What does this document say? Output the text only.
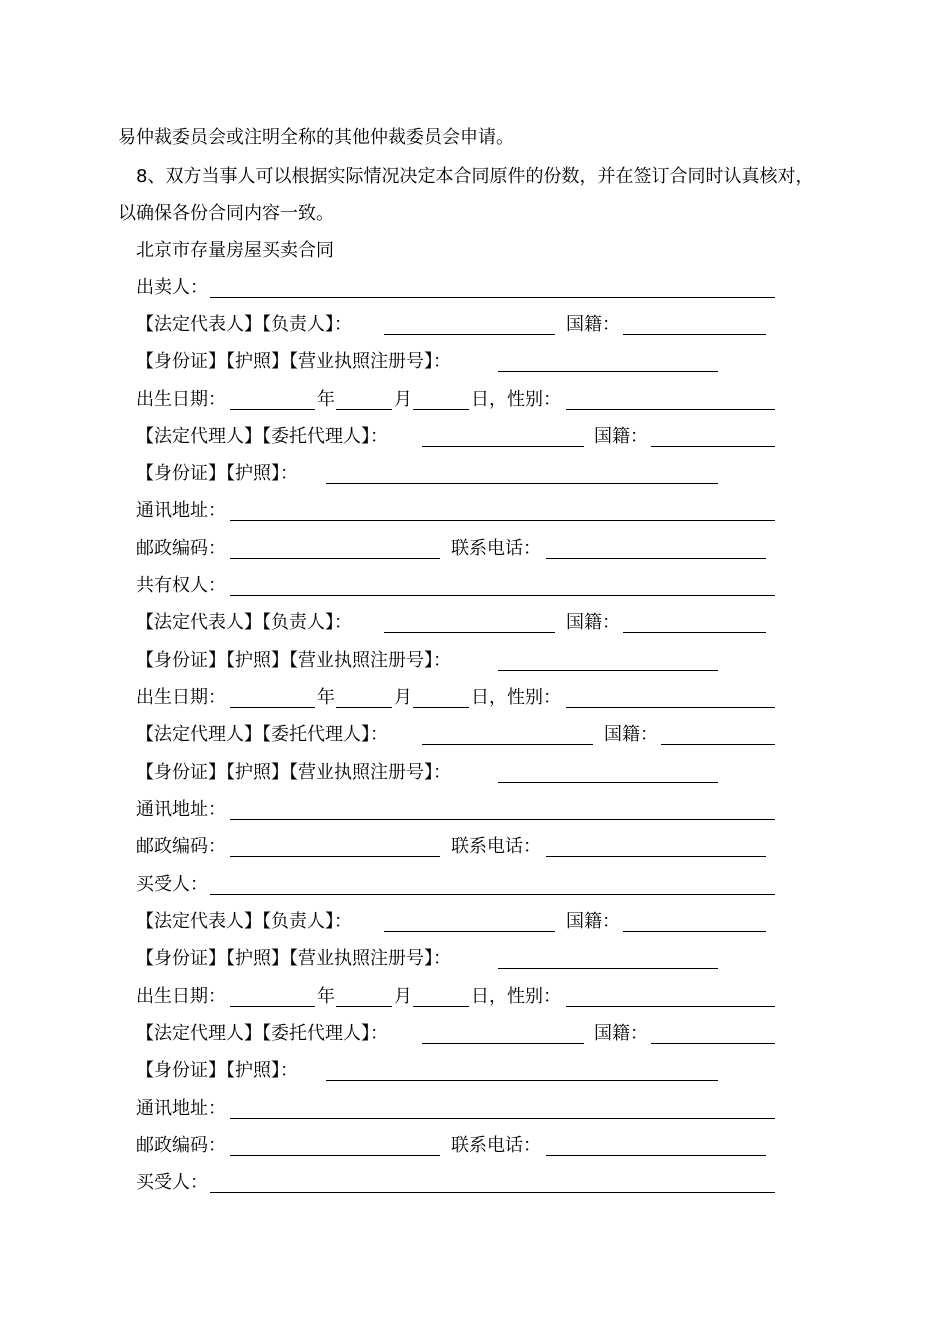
易仲裁委员会或注明全称的其他仲裁委员会申请。
8、双方当事人可以根据实际情况决定本合同原件的份数，并在签订合同时认真核对，
以确保各份合同内容一致。
北京市存量房屋买卖合同
出卖人：
【法定代表人】【负责人】：	国籍：
【身份证】【护照】【营业执照注册号】：
出生日期：	年	月	日，性别：
【法定代理人】【委托代理人】：	国籍：
【身份证】【护照】：
通讯地址：
邮政编码：	联系电话：
共有权人：
【法定代表人】【负责人】：	国籍：
【身份证】【护照】【营业执照注册号】：
出生日期：	年	月	日，性别：
【法定代理人】【委托代理人】：	国籍：
【身份证】【护照】【营业执照注册号】：
通讯地址：
邮政编码：	联系电话：
买受人：
【法定代表人】【负责人】：	国籍：
【身份证】【护照】【营业执照注册号】：
出生日期：	年	月	日，性别：
【法定代理人】【委托代理人】：	国籍：
【身份证】【护照】：
通讯地址：
邮政编码：	联系电话：
买受人：
